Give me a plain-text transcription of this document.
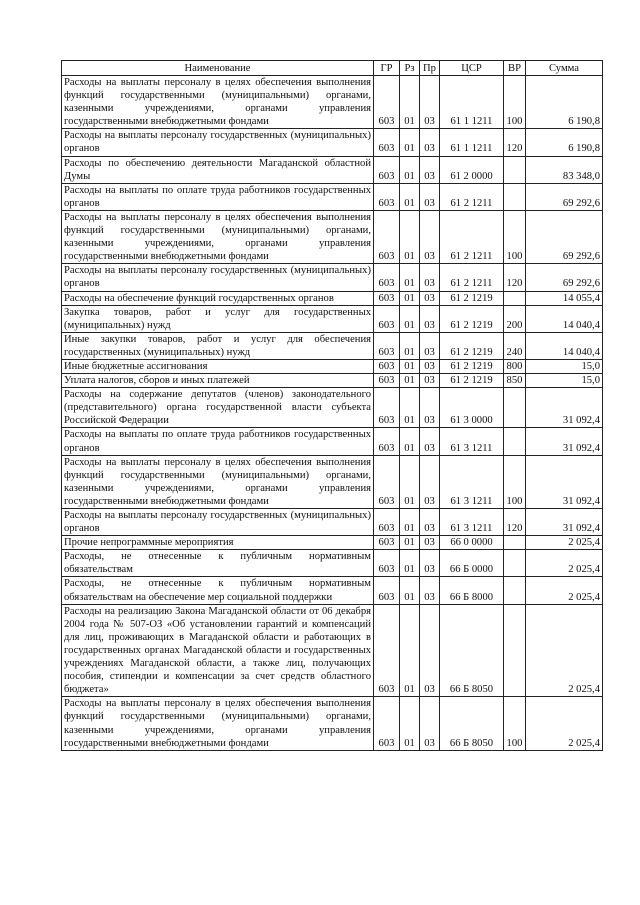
Наименование	ГР	Рз	Пр	ЦСР	ВР	Сумма
Расходы на выплаты персоналу в целях обеспечения выполнения функций государственными (муниципальными) органами, казенными учреждениями, органами управления государственными внебюджетными фондами	603	01	03	61 1 1211	100	6 190,8
Расходы на выплаты персоналу государственных (муниципальных) органов	603	01	03	61 1 1211	120	6 190,8
Расходы по обеспечению деятельности Магаданской областной Думы	603	01	03	61 2 0000		83 348,0
Расходы на выплаты по оплате труда работников государственных органов	603	01	03	61 2 1211		69 292,6
Расходы на выплаты персоналу в целях обеспечения выполнения функций государственными (муниципальными) органами, казенными учреждениями, органами управления государственными внебюджетными фондами	603	01	03	61 2 1211	100	69 292,6
Расходы на выплаты персоналу государственных (муниципальных) органов	603	01	03	61 2 1211	120	69 292,6
Расходы на обеспечение функций государственных органов	603	01	03	61 2 1219		14 055,4
Закупка товаров, работ и услуг для государственных (муниципальных) нужд	603	01	03	61 2 1219	200	14 040,4
Иные закупки товаров, работ и услуг для обеспечения государственных (муниципальных) нужд	603	01	03	61 2 1219	240	14 040,4
Иные бюджетные ассигнования	603	01	03	61 2 1219	800	15,0
Уплата налогов, сборов и иных платежей	603	01	03	61 2 1219	850	15,0
Расходы на содержание депутатов (членов) законодательного (представительного) органа государственной власти субъекта Российской Федерации	603	01	03	61 3 0000		31 092,4
Расходы на выплаты по оплате труда работников государственных органов	603	01	03	61 3 1211		31 092,4
Расходы на выплаты персоналу в целях обеспечения выполнения функций государственными (муниципальными) органами, казенными учреждениями, органами управления государственными внебюджетными фондами	603	01	03	61 3 1211	100	31 092,4
Расходы на выплаты персоналу государственных (муниципальных) органов	603	01	03	61 3 1211	120	31 092,4
Прочие непрограммные мероприятия	603	01	03	66 0 0000		2 025,4
Расходы, не отнесенные к публичным нормативным обязательствам	603	01	03	66 Б 0000		2 025,4
Расходы, не отнесенные к публичным нормативным обязательствам на обеспечение мер социальной поддержки	603	01	03	66 Б 8000		2 025,4
Расходы на реализацию Закона Магаданской области от 06 декабря 2004 года № 507-ОЗ «Об установлении гарантий и компенсаций для лиц, проживающих в Магаданской области и работающих в государственных органах Магаданской области и государственных учреждениях Магаданской области, а также лиц, получающих пособия, стипендии и компенсации за счет средств областного бюджета»	603	01	03	66 Б 8050		2 025,4
Расходы на выплаты персоналу в целях обеспечения выполнения функций государственными (муниципальными) органами, казенными учреждениями, органами управления государственными внебюджетными фондами	603	01	03	66 Б 8050	100	2 025,4
